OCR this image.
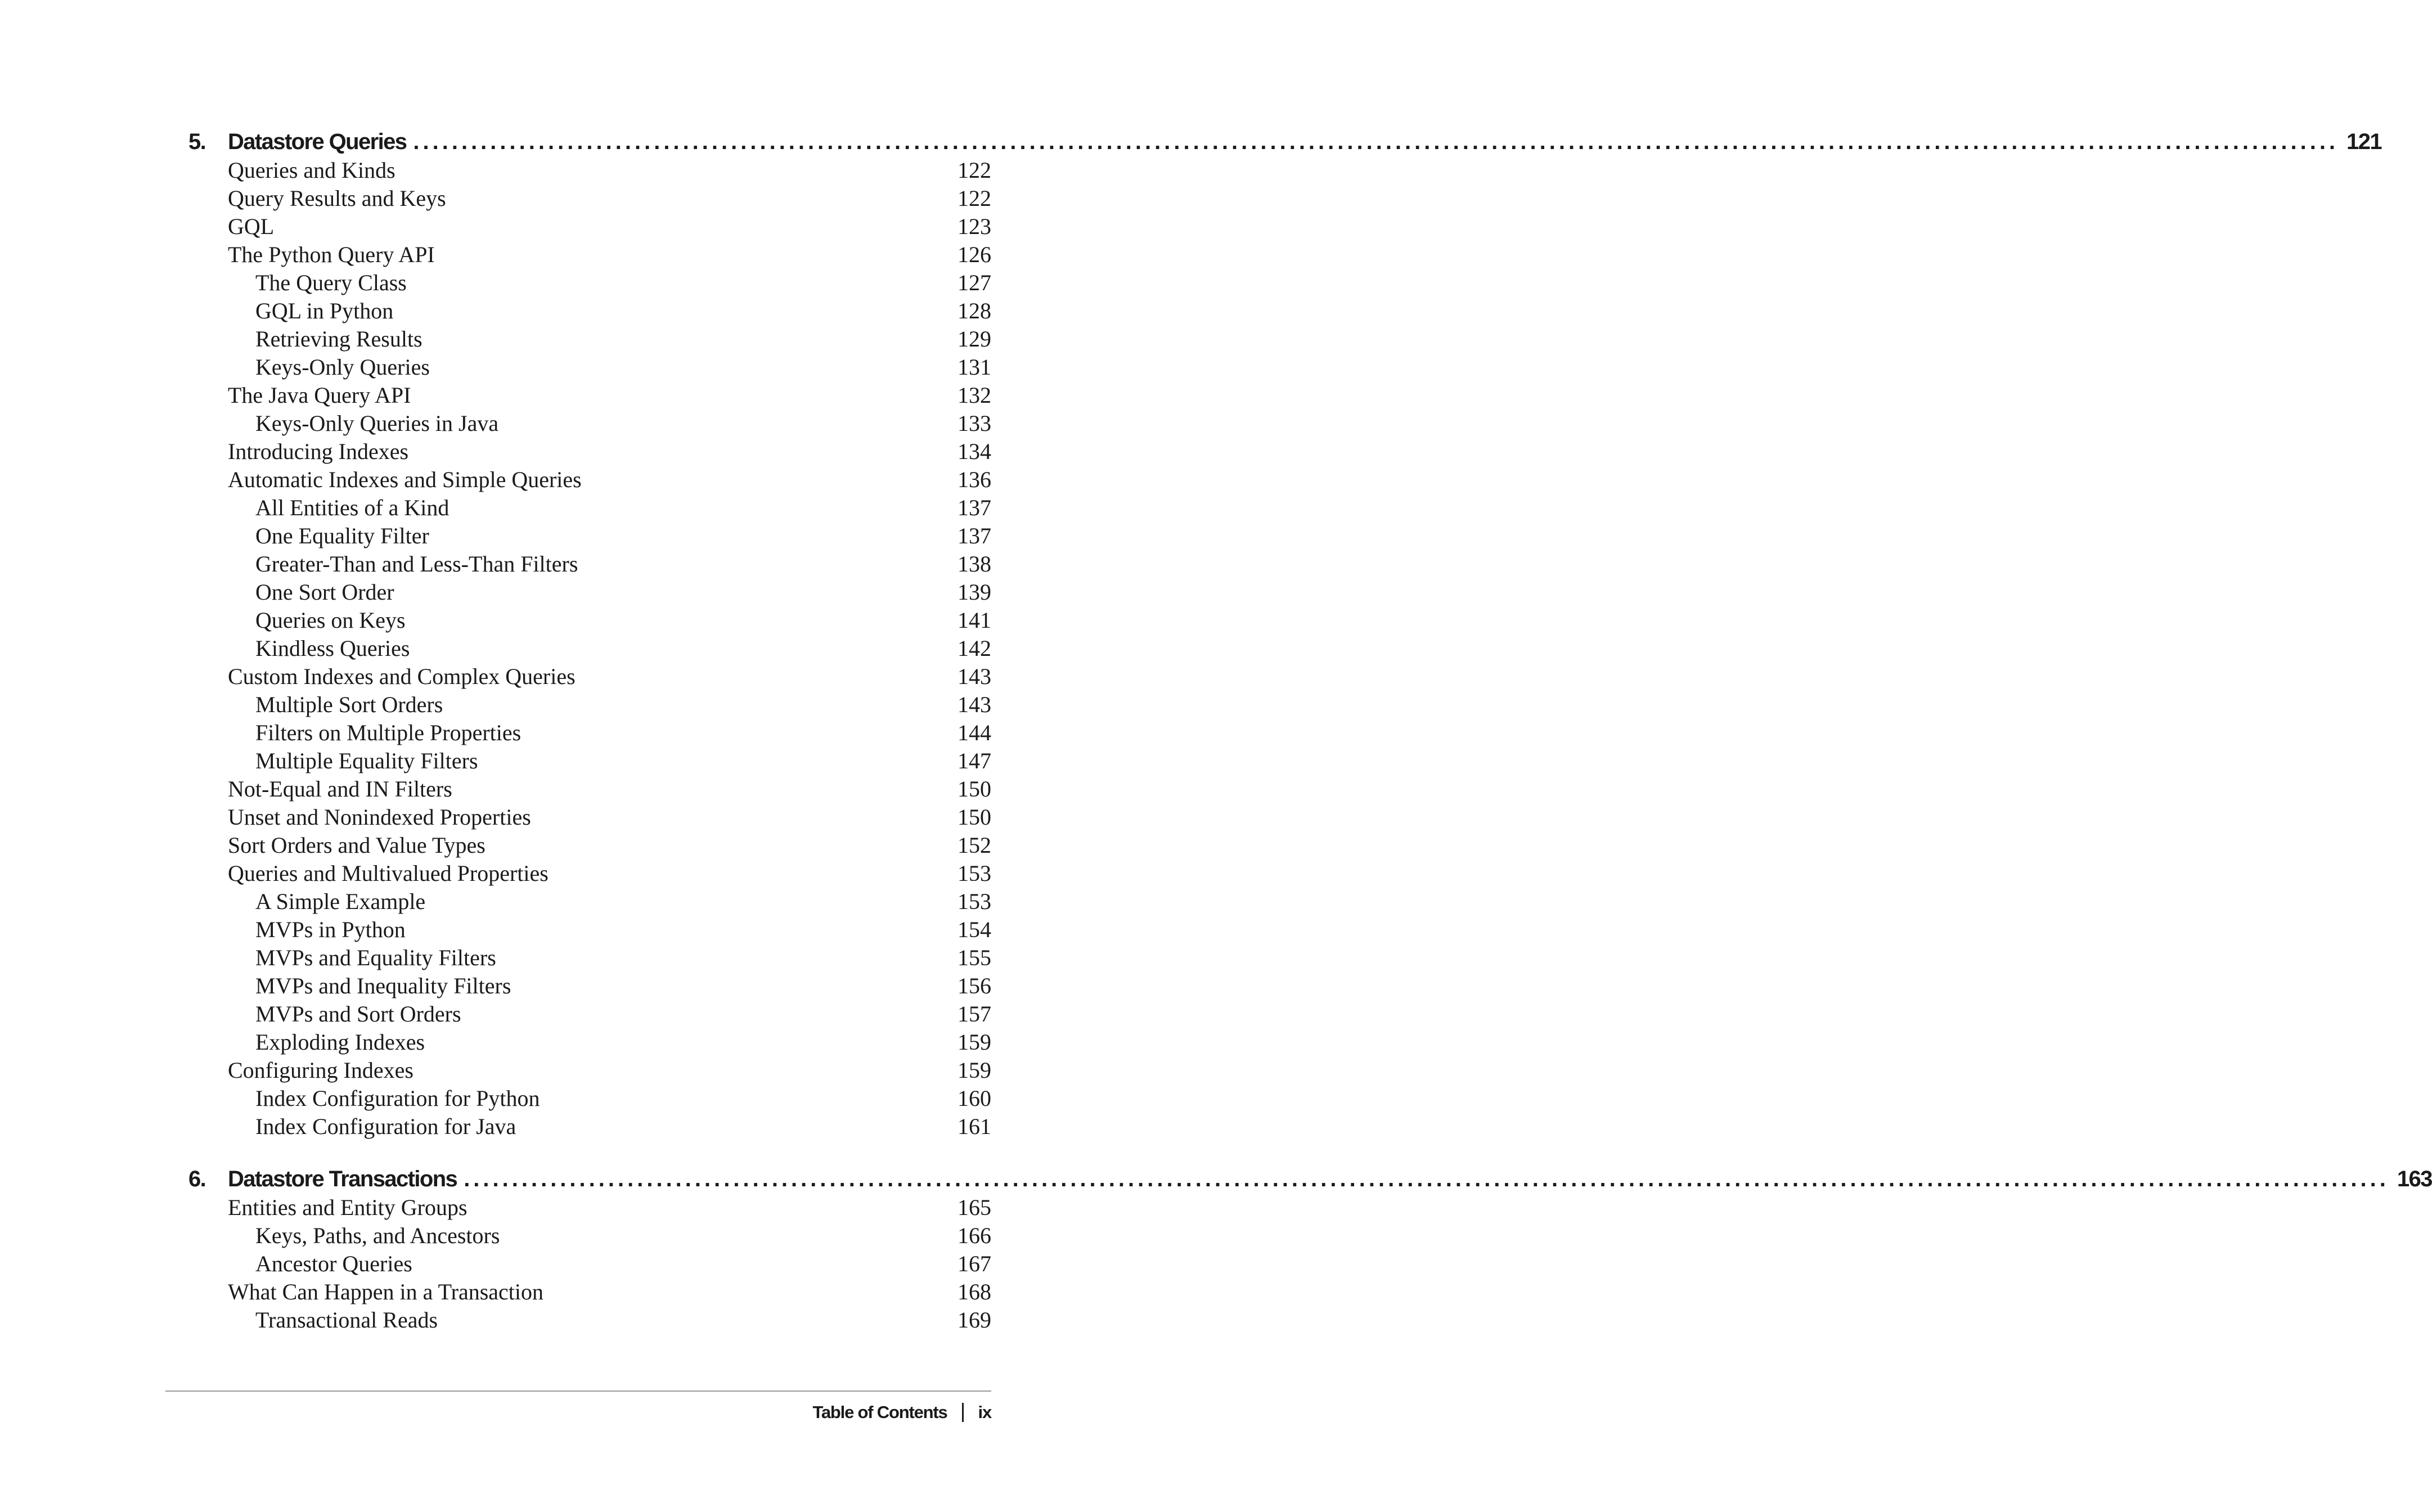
5. Datastore Queries ........................................................................................................................................................................................................ 121
Queries and Kinds	122
Query Results and Keys	122
GQL	123
The Python Query API	126
The Query Class	127
GQL in Python	128
Retrieving Results	129
Keys-Only Queries	131
The Java Query API	132
Keys-Only Queries in Java	133
Introducing Indexes	134
Automatic Indexes and Simple Queries	136
All Entities of a Kind	137
One Equality Filter	137
Greater-Than and Less-Than Filters	138
One Sort Order	139
Queries on Keys	141
Kindless Queries	142
Custom Indexes and Complex Queries	143
Multiple Sort Orders	143
Filters on Multiple Properties	144
Multiple Equality Filters	147
Not-Equal and IN Filters	150
Unset and Nonindexed Properties	150
Sort Orders and Value Types	152
Queries and Multivalued Properties	153
A Simple Example	153
MVPs in Python	154
MVPs and Equality Filters	155
MVPs and Inequality Filters	156
MVPs and Sort Orders	157
Exploding Indexes	159
Configuring Indexes	159
Index Configuration for Python	160
Index Configuration for Java	161
6. Datastore Transactions ........................................................................................................................................................................................................ 163
Entities and Entity Groups	165
Keys, Paths, and Ancestors	166
Ancestor Queries	167
What Can Happen in a Transaction	168
Transactional Reads	169
Table of Contents ix
